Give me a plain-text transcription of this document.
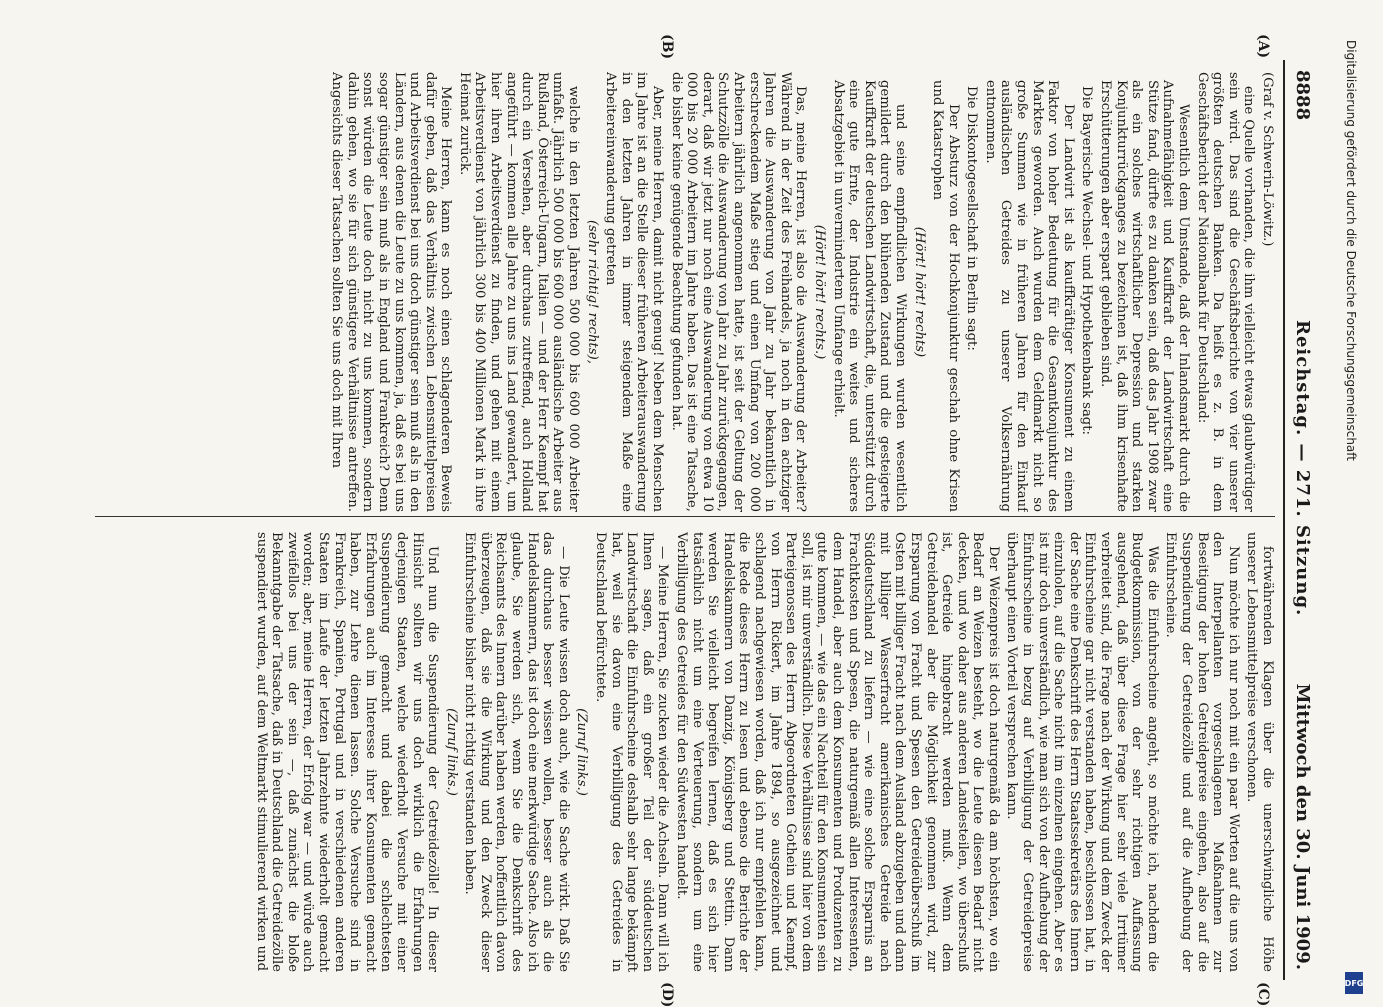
8888
Reichstag. — 271. Sitzung.
Mittwoch den 30. Juni 1909.
(A)
(B)
(C)
(D)

(Graf v. Schwerin-Löwitz.)

eine Quelle vorhanden, die ihm vielleicht etwas glaubwürdiger sein wird. Das sind die Geschäftsberichte von vier unserer größten deutschen Banken. Da heißt es z. B. in dem Geschäftsbericht der Nationalbank für Deutschland:

Wesentlich dem Umstande, daß der Inlandsmarkt durch die Aufnahmefähigkeit und Kauffkraft der Landwirtschaft eine Stütze fand, dürfte es zu danken sein, daß das Jahr 1908 zwar als ein solches wirtschaftlicher Depression und starken Konjunkturrückganges zu bezeichnen ist, daß ihm krisenhafte Erschütterungen aber erspart geblieben sind.

Die Bayerische Wechsel- und Hypothekenbank sagt:

Der Landwirt ist als kauffkräftiger Konsument zu einem Faktor von hoher Bedeutung für die Gesamtkonjunktur des Marktes geworden. Auch wurden dem Geldmarkt nicht so große Summen wie in früheren Jahren für den Einkauf ausländischen Getreides zu unserer Volksernährung entnommen.

Die Diskontogesellschaft in Berlin sagt:

Der Absturz von der Hochkonjunktur geschah ohne Krisen und Katastrophen

(Hört! hört! rechts)

und seine empfindlichen Wirkungen wurden wesentlich gemildert durch den blühenden Zustand und die gesteigerte Kauffkraft der deutschen Landwirtschaft, die, unterstützt durch eine gute Ernte, der Industrie ein weites und sicheres Absatzgebiet in unvermindertem Umfange erhielt.

(Hört! hört! rechts.)

Das, meine Herren, ist also die Auswanderung der Arbeiter? Während in der Zeit des Freihandels, ja noch in den achtziger Jahren die Auswanderung von Jahr zu Jahr bekanntlich in erschreckendem Maße stieg und einen Umfang von 200 000 Arbeitern jährlich angenommen hatte, ist seit der Geltung der Schutzzölle die Auswanderung von Jahr zu Jahr zurückgegangen, derart, daß wir jetzt nur noch eine Auswanderung von etwa 10 000 bis 20 000 Arbeitern im Jahre haben. Das ist eine Tatsache, die bisher keine genügende Beachtung gefunden hat.

Aber, meine Herren, damit nicht genug! Neben dem Menschen im Jahre ist an die Stelle dieser früheren Arbeiterauswanderung in den letzten Jahren in immer steigendem Maße eine Arbeitereinwanderung getreten

(sehr richtig! rechts),

welche in den letzten Jahren 500 000 bis 600 000 Arbeiter umfaßt. Jährlich 500 000 bis 600 000 ausländische Arbeiter aus Rußland, Österreich-Ungarn, Italien — und der Herr Kaempf hat durch ein Versehen, aber durchaus zutreffend, auch Holland angeführt — kommen alle Jahre zu uns ins Land gewandert, um hier ihren Arbeitsverdienst zu finden, und gehen mit einem Arbeitsverdienst von jährlich 300 bis 400 Millionen Mark in ihre Heimat zurück.

Meine Herren, kann es noch einen schlagenderen Beweis dafür geben, daß das Verhältnis zwischen Lebensmittelpreisen und Arbeitsverdienst bei uns doch günstiger sein muß als in den Ländern, aus denen die Leute zu uns kommen, ja, daß es bei uns sogar günstiger sein muß als in England und Frankreich? Denn sonst würden die Leute doch nicht zu uns kommen, sondern dahin gehen, wo sie für sich günstigere Verhältnisse antreffen. Angesichts dieser Tatsachen sollten Sie uns doch mit Ihren

fortwährenden Klagen über die unerschwingliche Höhe unserer Lebensmittelpreise verschonen.

Nun möchte ich nur noch mit ein paar Worten auf die uns von den Interpellanten vorgeschlagenen Maßnahmen zur Beseitigung der hohen Getreidepreise eingehen, also auf die Suspendierung der Getreidezölle und auf die Aufhebung der Einfuhrscheine.

Was die Einfuhrscheine angeht, so möchte ich, nachdem die Budgetkommission, von der sehr richtigen Auffassung ausgehend, daß über diese Frage hier sehr viele Irrtümer verbreitet sind, die Frage nach der Wirkung und dem Zweck der Einfuhrscheine gar nicht verstanden haben, beschlossen hat, in der Sache eine Denkschrift des Herrn Staatssekretärs des Innern einzuholen, auf die Sache nicht im einzelnen eingehen. Aber es ist mir doch unverständlich, wie man sich von der Aufhebung der Einfuhrscheine in bezug auf Verbilligung der Getreidepreise überhaupt einen Vorteil versprechen kann.

Der Weizenpreis ist doch naturgemäß da am höchsten, wo ein Bedarf an Weizen besteht, wo die Leute diesen Bedarf nicht decken, und wo daher aus anderen Landesteilen, wo überschuß ist, Getreide hingebracht werden muß. Wenn dem Getreidehandel aber die Möglichkeit genommen wird, zur Ersparung von Fracht und Spesen den Getreideüberschuß im Osten mit billiger Fracht nach dem Ausland abzugeben und dann mit billiger Wasserfracht amerikanisches Getreide nach Süddeutschland zu liefern — wie eine solche Ersparnis an Frachtkosten und Spesen, die naturgemäß allen Interessenten, dem Handel, aber auch dem Konsumenten und Produzenten zu gute kommen, — wie das ein Nachteil für den Konsumenten sein soll, ist mir unverständlich. Diese Verhältnisse sind hier von dem Parteigenossen des Herrn Abgeordneten Gothein und Kaempf, von Herrn Rickert, im Jahre 1894, so ausgezeichnet und schlagend nachgewiesen worden, daß ich nur empfehlen kann, die Rede dieses Herrn zu lesen und ebenso die Berichte der Handelskammern von Danzig, Königsberg und Stettin. Dann werden Sie vielleicht begreifen lernen, daß es sich hier tatsächlich nicht um eine Verteuerung, sondern um eine Verbilligung des Getreides für den Südwesten handelt.

— Meine Herren, Sie zucken wieder die Achseln. Dann will ich Ihnen sagen, daß ein großer Teil der süddeutschen Landwirtschaft die Einfuhrscheine deshalb sehr lange bekämpft hat, weil sie davon eine Verbilligung des Getreides in Deutschland befürchtete.

(Zuruf links.)

— Die Leute wissen doch auch, wie die Sache wirkt. Daß Sie das durchaus besser wissen wollen, besser auch als die Handelskammern, das ist doch eine merkwürdige Sache. Also ich glaube, Sie werden sich, wenn Sie die Denkschrift des Reichsamts des Innern darüber haben werden, hoffentlich davon überzeugen, daß sie die Wirkung und den Zweck dieser Einfuhrscheine bisher nicht richtig verstanden haben.

(Zuruf links.)

Und nun die Suspendierung der Getreidezölle! In dieser Hinsicht sollten wir uns doch wirklich die Erfahrungen derjenigen Staaten, welche wiederholt Versuche mit einer Suspendierung gemacht und dabei die schlechtesten Erfahrungen auch im Interesse ihrer Konsumenten gemacht haben, zur Lehre dienen lassen. Solche Versuche sind in Frankreich, Spanien, Portugal und in verschiedenen anderen Staaten im Laufe der letzten Jahrzehnte wiederholt gemacht worden; aber, meine Herren, der Erfolg war — und würde auch zweifellos bei uns der sein —, daß zunächst die bloße Bekanntgabe der Tatsache, daß in Deutschland die Getreidezölle suspendiert wurden, auf dem Weltmarkt stimulierend wirken und

Digitalisierung gefördert durch die Deutsche Forschungsgemeinschaft
DFG
